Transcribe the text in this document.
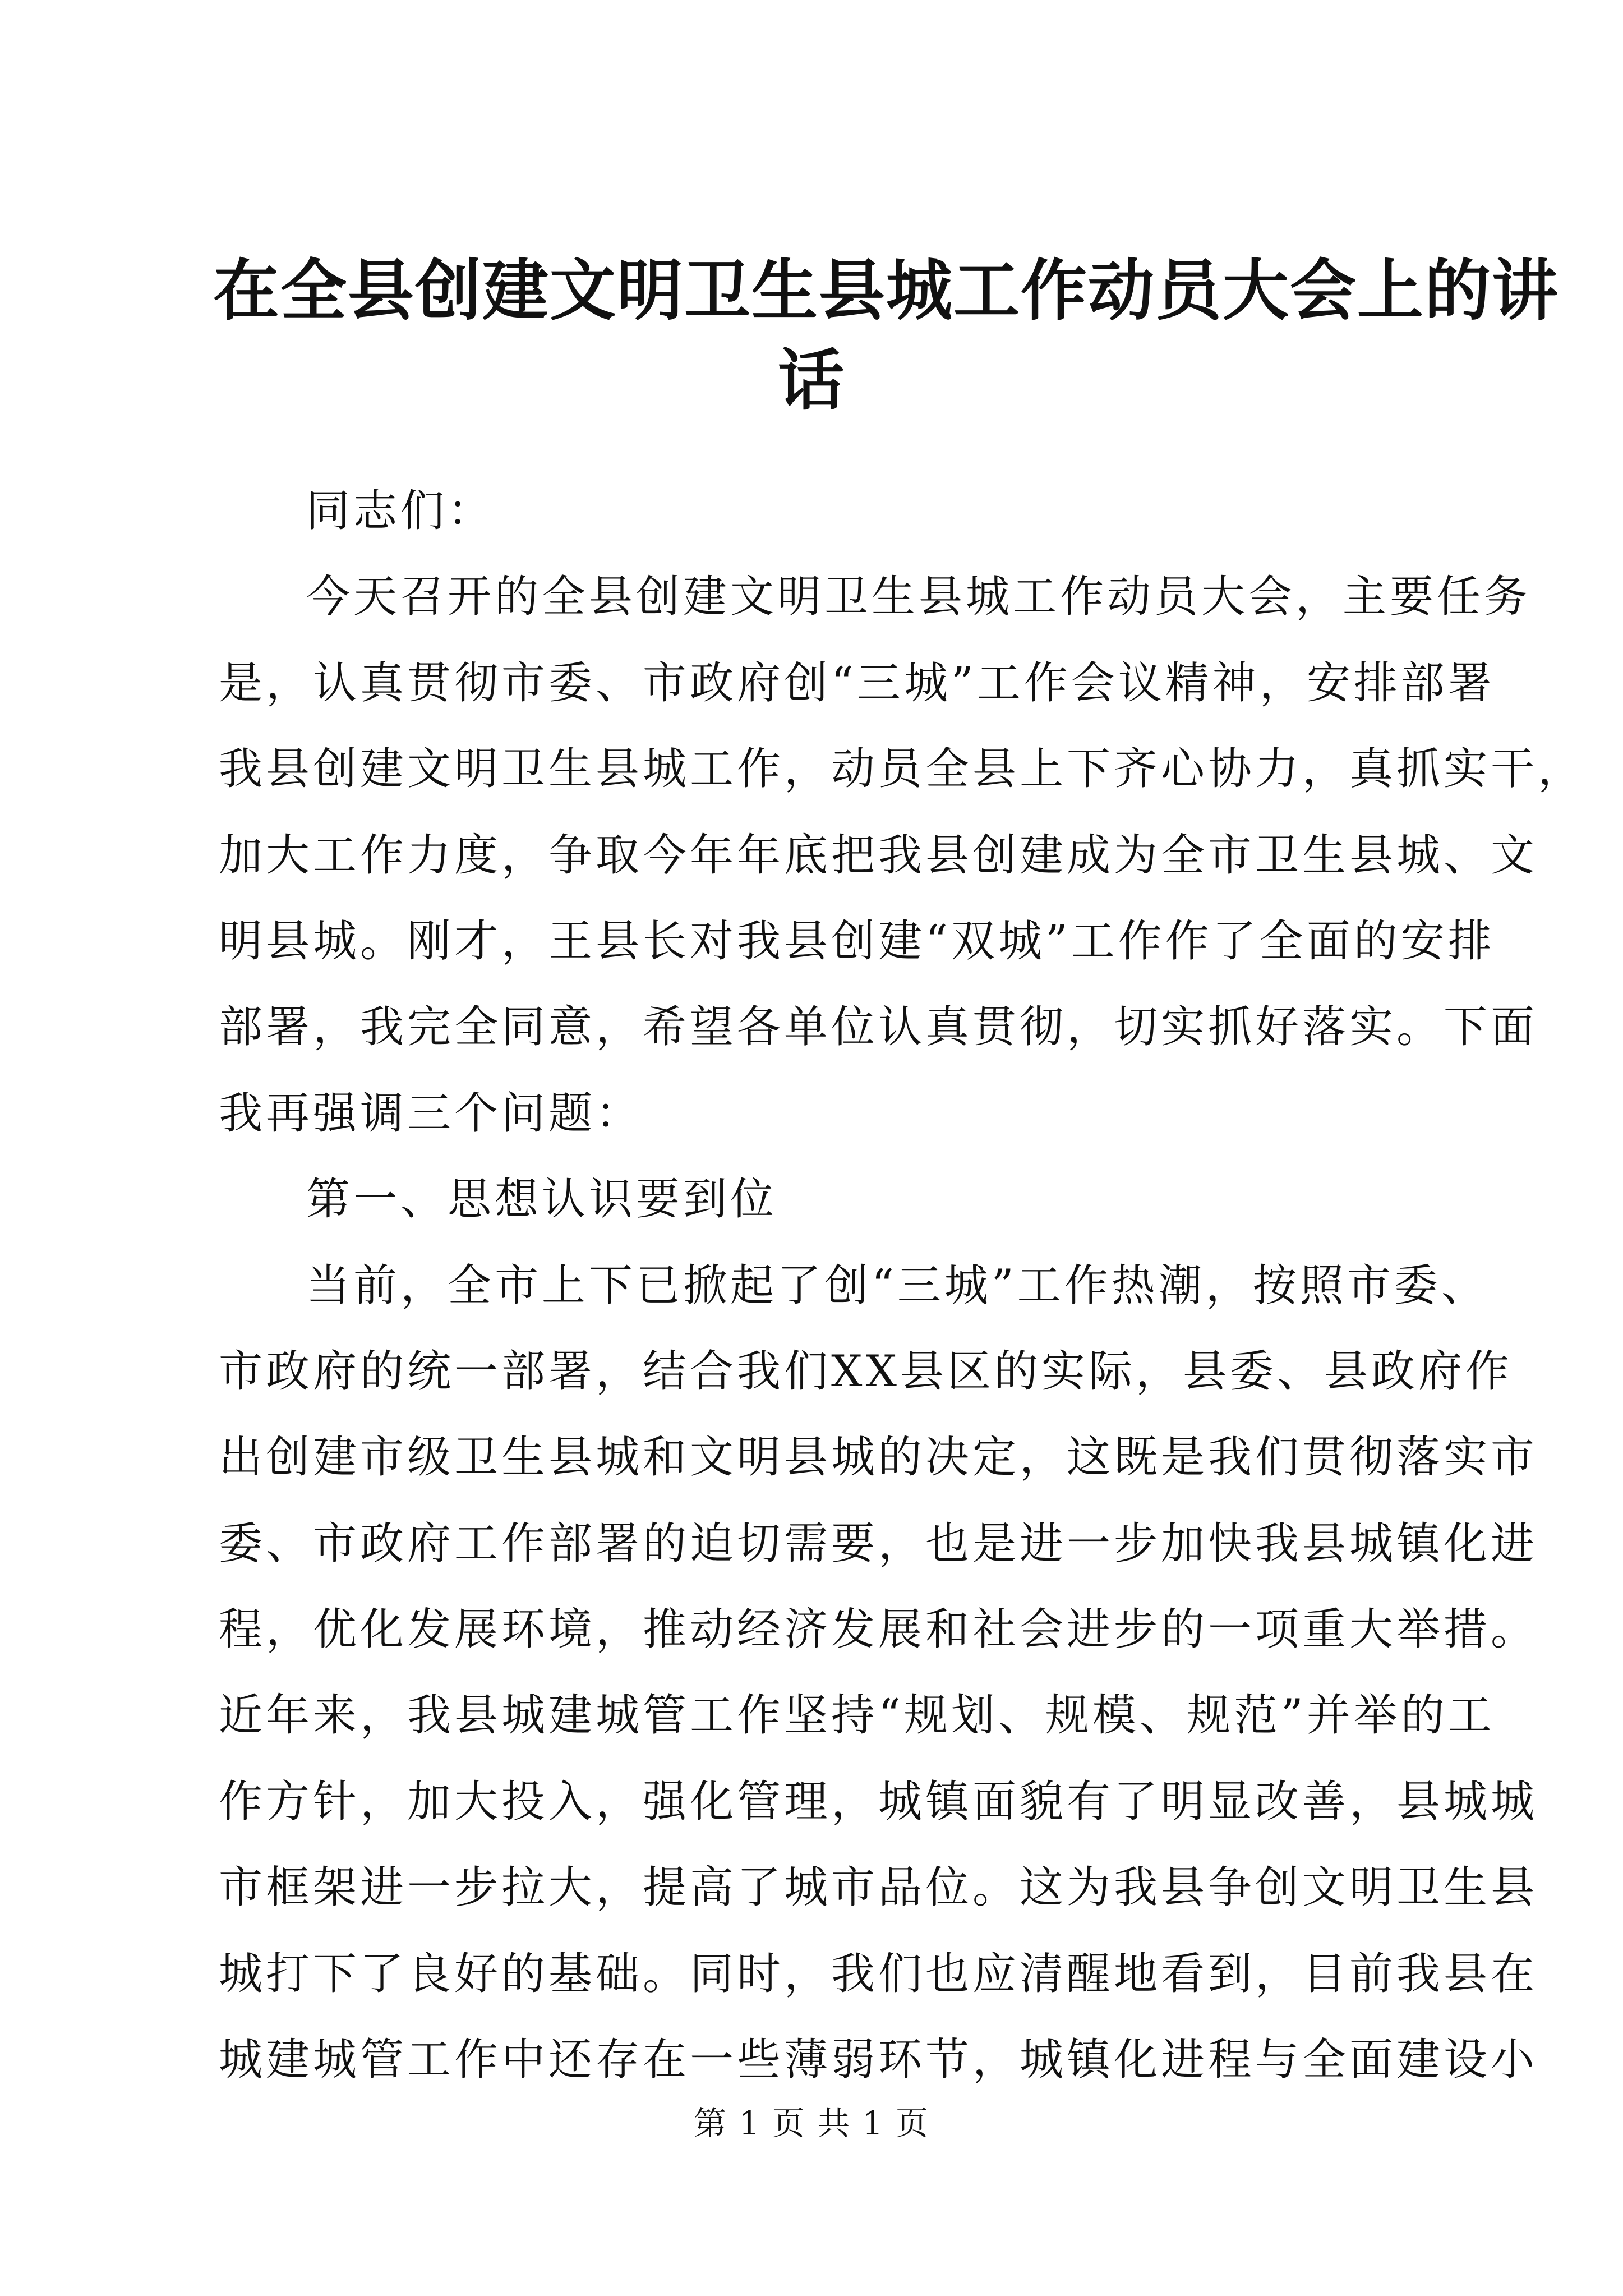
在全县创建文明卫生县城工作动员大会上的讲
话
同志们：
今天召开的全县创建文明卫生县城工作动员大会，主要任务
是，认真贯彻市委、市政府创“三城”工作会议精神，安排部署
我县创建文明卫生县城工作，动员全县上下齐心协力，真抓实干，
加大工作力度，争取今年年底把我县创建成为全市卫生县城、文
明县城。刚才，王县长对我县创建“双城”工作作了全面的安排
部署，我完全同意，希望各单位认真贯彻，切实抓好落实。下面
我再强调三个问题：
第一、思想认识要到位
当前，全市上下已掀起了创“三城”工作热潮，按照市委、
市政府的统一部署，结合我们XX县区的实际，县委、县政府作
出创建市级卫生县城和文明县城的决定，这既是我们贯彻落实市
委、市政府工作部署的迫切需要，也是进一步加快我县城镇化进
程，优化发展环境，推动经济发展和社会进步的一项重大举措。
近年来，我县城建城管工作坚持“规划、规模、规范”并举的工
作方针，加大投入，强化管理，城镇面貌有了明显改善，县城城
市框架进一步拉大，提高了城市品位。这为我县争创文明卫生县
城打下了良好的基础。同时，我们也应清醒地看到，目前我县在
城建城管工作中还存在一些薄弱环节，城镇化进程与全面建设小
第 1 页 共 1 页
